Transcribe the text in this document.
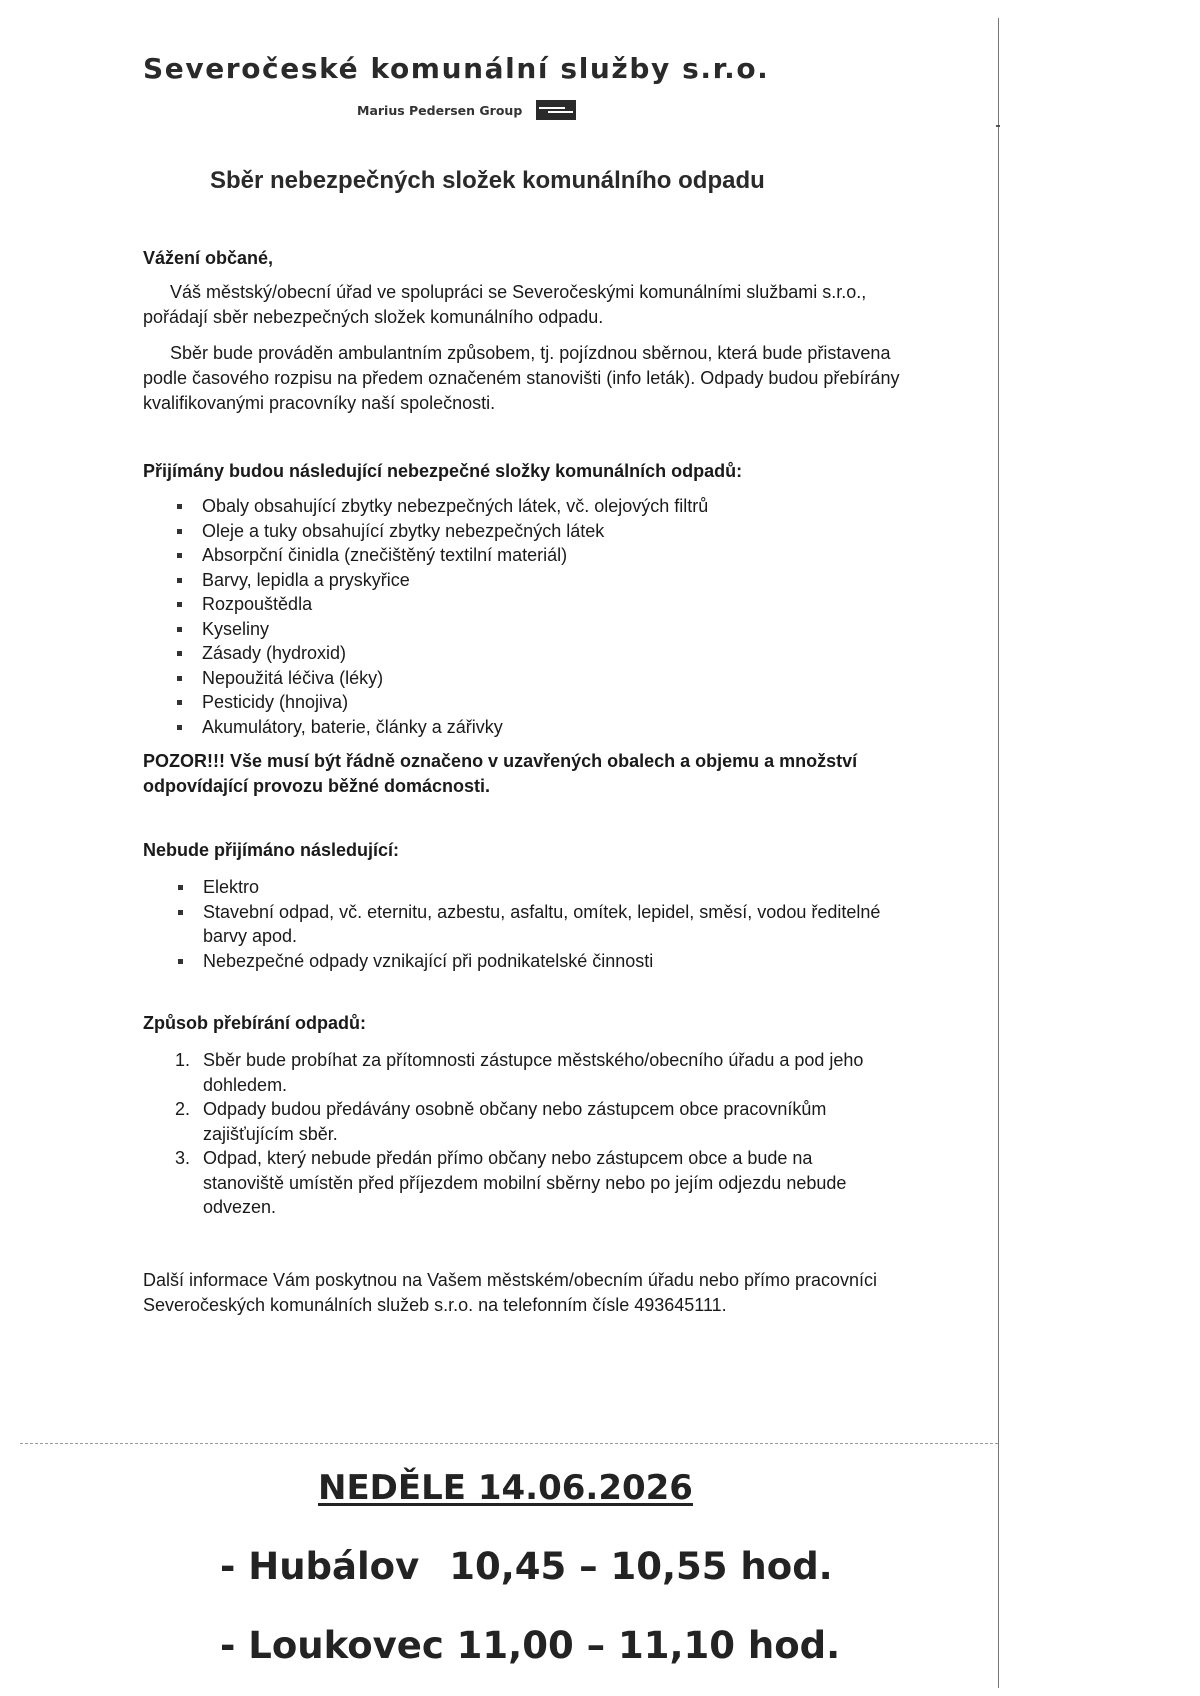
Severočeské komunální služby s.r.o.
Marius Pedersen Group
Sběr nebezpečných složek komunálního odpadu

Vážení občané,

Váš městský/obecní úřad ve spolupráci se Severočeskými komunálními službami s.r.o., pořádají sběr nebezpečných složek komunálního odpadu.

Sběr bude prováděn ambulantním způsobem, tj. pojízdnou sběrnou, která bude přistavena podle časového rozpisu na předem označeném stanovišti (info leták). Odpady budou přebírány kvalifikovanými pracovníky naší společnosti.

Přijímány budou následující nebezpečné složky komunálních odpadů:

Obaly obsahující zbytky nebezpečných látek, vč. olejových filtrů
Oleje a tuky obsahující zbytky nebezpečných látek
Absorpční činidla (znečištěný textilní materiál)
Barvy, lepidla a pryskyřice
Rozpouštědla
Kyseliny
Zásady (hydroxid)
Nepoužitá léčiva (léky)
Pesticidy (hnojiva)
Akumulátory, baterie, články a zářivky

POZOR!!! Vše musí být řádně označeno v uzavřených obalech a objemu a množství odpovídající provozu běžné domácnosti.

Nebude přijímáno následující:

Elektro
Stavební odpad, vč. eternitu, azbestu, asfaltu, omítek, lepidel, směsí, vodou ředitelné barvy apod.
Nebezpečné odpady vznikající při podnikatelské činnosti

Způsob přebírání odpadů:

1. Sběr bude probíhat za přítomnosti zástupce městského/obecního úřadu a pod jeho dohledem.
2. Odpady budou předávány osobně občany nebo zástupcem obce pracovníkům zajišťujícím sběr.
3. Odpad, který nebude předán přímo občany nebo zástupcem obce a bude na stanoviště umístěn před příjezdem mobilní sběrny nebo po jejím odjezdu nebude odvezen.

Další informace Vám poskytnou na Vašem městském/obecním úřadu nebo přímo pracovníci Severočeských komunálních služeb s.r.o. na telefonním čísle 493645111.

NEDĚLE 14.06.2026
- Hubálov 10,45 – 10,55 hod.
- Loukovec 11,00 – 11,10 hod.
